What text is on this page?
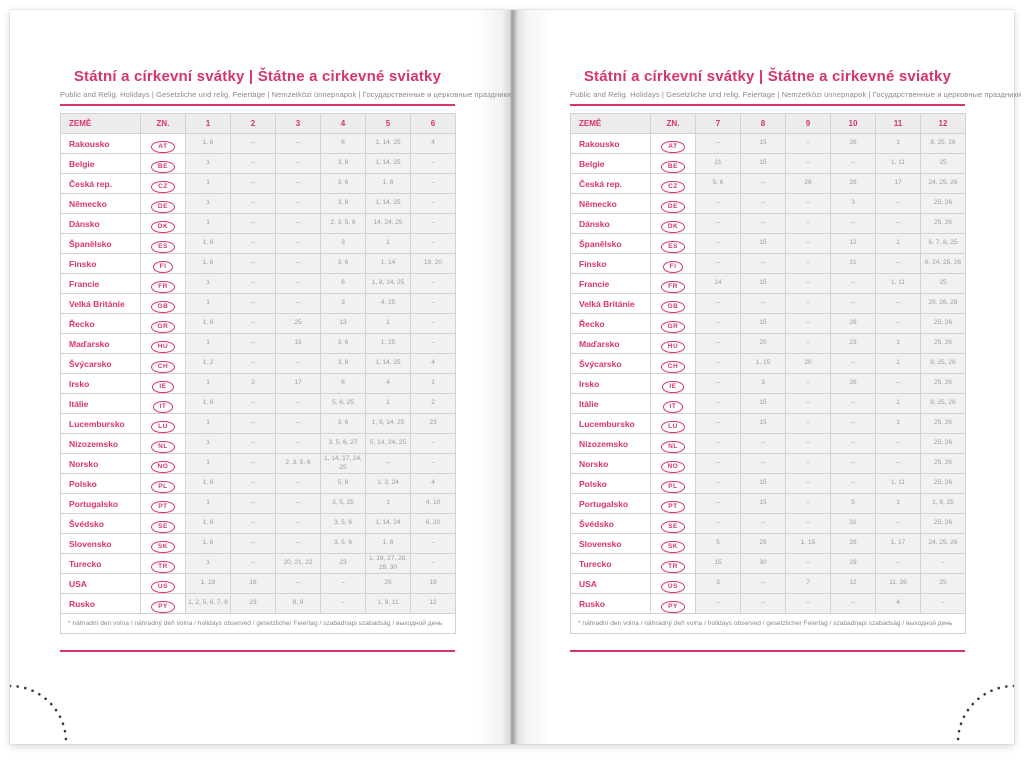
Státní a církevní svátky | Štátne a cirkevné sviatky
Public and Relig. Holidays | Gesetzliche und relig. Feiertage | Nemzetközi ünnepnapok | Государственные и церковные праздники
ZEMĚ	ZN.	1	2	3	4	5	6
Rakousko	AT	1, 6	–	–	6	1, 14, 25	4
Belgie	BE	1	–	–	3, 6	1, 14, 25	–
Česká rep.	CZ	1	–	–	3, 6	1, 8	–
Německo	DE	1	–	–	3, 6	1, 14, 25	–
Dánsko	DK	1	–	–	2, 3, 5, 6	14, 24, 25	–
Španělsko	ES	1, 6	–	–	3	1	–
Finsko	FI	1, 6	–	–	3, 6	1, 14	19, 20
Francie	FR	1	–	–	6	1, 8, 14, 25	–
Velká Británie	GB	1	–	–	3	4, 25	–
Řecko	GR	1, 6	–	25	13	1	–
Maďarsko	HU	1	–	15	3, 6	1, 25	–
Švýcarsko	CH	1, 2	–	–	3, 6	1, 14, 25	4
Irsko	IE	1	2	17	6	4	1
Itálie	IT	1, 6	–	–	5, 6, 25	1	2
Lucembursko	LU	1	–	–	3, 6	1, 9, 14, 25	23
Nizozemsko	NL	1	–	–	3, 5, 6, 27	5, 14, 24, 25	–
Norsko	NO	1	–	2, 3, 5, 6	1, 14, 17, 24, 25	–	–
Polsko	PL	1, 6	–	–	5, 6	1, 3, 24	4
Portugalsko	PT	1	–	–	3, 5, 25	1	4, 10
Švédsko	SE	1, 6	–	–	3, 5, 6	1, 14, 24	6, 20
Slovensko	SK	1, 6	–	–	3, 5, 6	1, 8	–
Turecko	TR	1	–	20, 21, 22	23	1, 19, 27, 28, 29, 30	–
USA	US	1, 19	16	–	–	25	19
Rusko	PY	1, 2, 5, 6, 7, 8	23	8, 9	–	1, 9, 11	12
* náhradní den volna / náhradný deň volna / holidays observed / gesetzlicher Feiertag / szabadnapi szabadság / выходной день							
Státní a církevní svátky | Štátne a cirkevné sviatky
Public and Relig. Holidays | Gesetzliche und relig. Feiertage | Nemzetközi ünnepnapok | Государственные и церковные праздники
ZEMĚ	ZN.	7	8	9	10	11	12
Rakousko	AT	–	15	–	26	1	8, 25, 26
Belgie	BE	21	15	–	–	1, 11	25
Česká rep.	CZ	5, 6	–	28	28	17	24, 25, 26
Německo	DE	–	–	–	3	–	25, 26
Dánsko	DK	–	–	–	–	–	25, 26
Španělsko	ES	–	15	–	12	1	6, 7, 8, 25
Finsko	FI	–	–	–	31	–	6, 24, 25, 26
Francie	FR	14	15	–	–	1, 11	25
Velká Británie	GB	–	–	–	–	–	25, 26, 28
Řecko	GR	–	15	–	28	–	25, 26
Maďarsko	HU	–	20	–	23	1	25, 26
Švýcarsko	CH	–	1, 15	20	–	1	8, 25, 26
Irsko	IE	–	3	–	26	–	25, 26
Itálie	IT	–	15	–	–	1	8, 25, 26
Lucembursko	LU	–	15	–	–	1	25, 26
Nizozemsko	NL	–	–	–	–	–	25, 26
Norsko	NO	–	–	–	–	–	25, 26
Polsko	PL	–	15	–	–	1, 11	25, 26
Portugalsko	PT	–	15	–	5	1	1, 8, 25
Švédsko	SE	–	–	–	31	–	25, 26
Slovensko	SK	5	29	1, 15	28	1, 17	24, 25, 26
Turecko	TR	15	30	–	29	–	–
USA	US	3	–	7	12	11, 26	25
Rusko	PY	–	–	–	–	4	–
* náhradní den volna / náhradný deň volna / holidays observed / gesetzlicher Feiertag / szabadnapi szabadság / выходной день							
